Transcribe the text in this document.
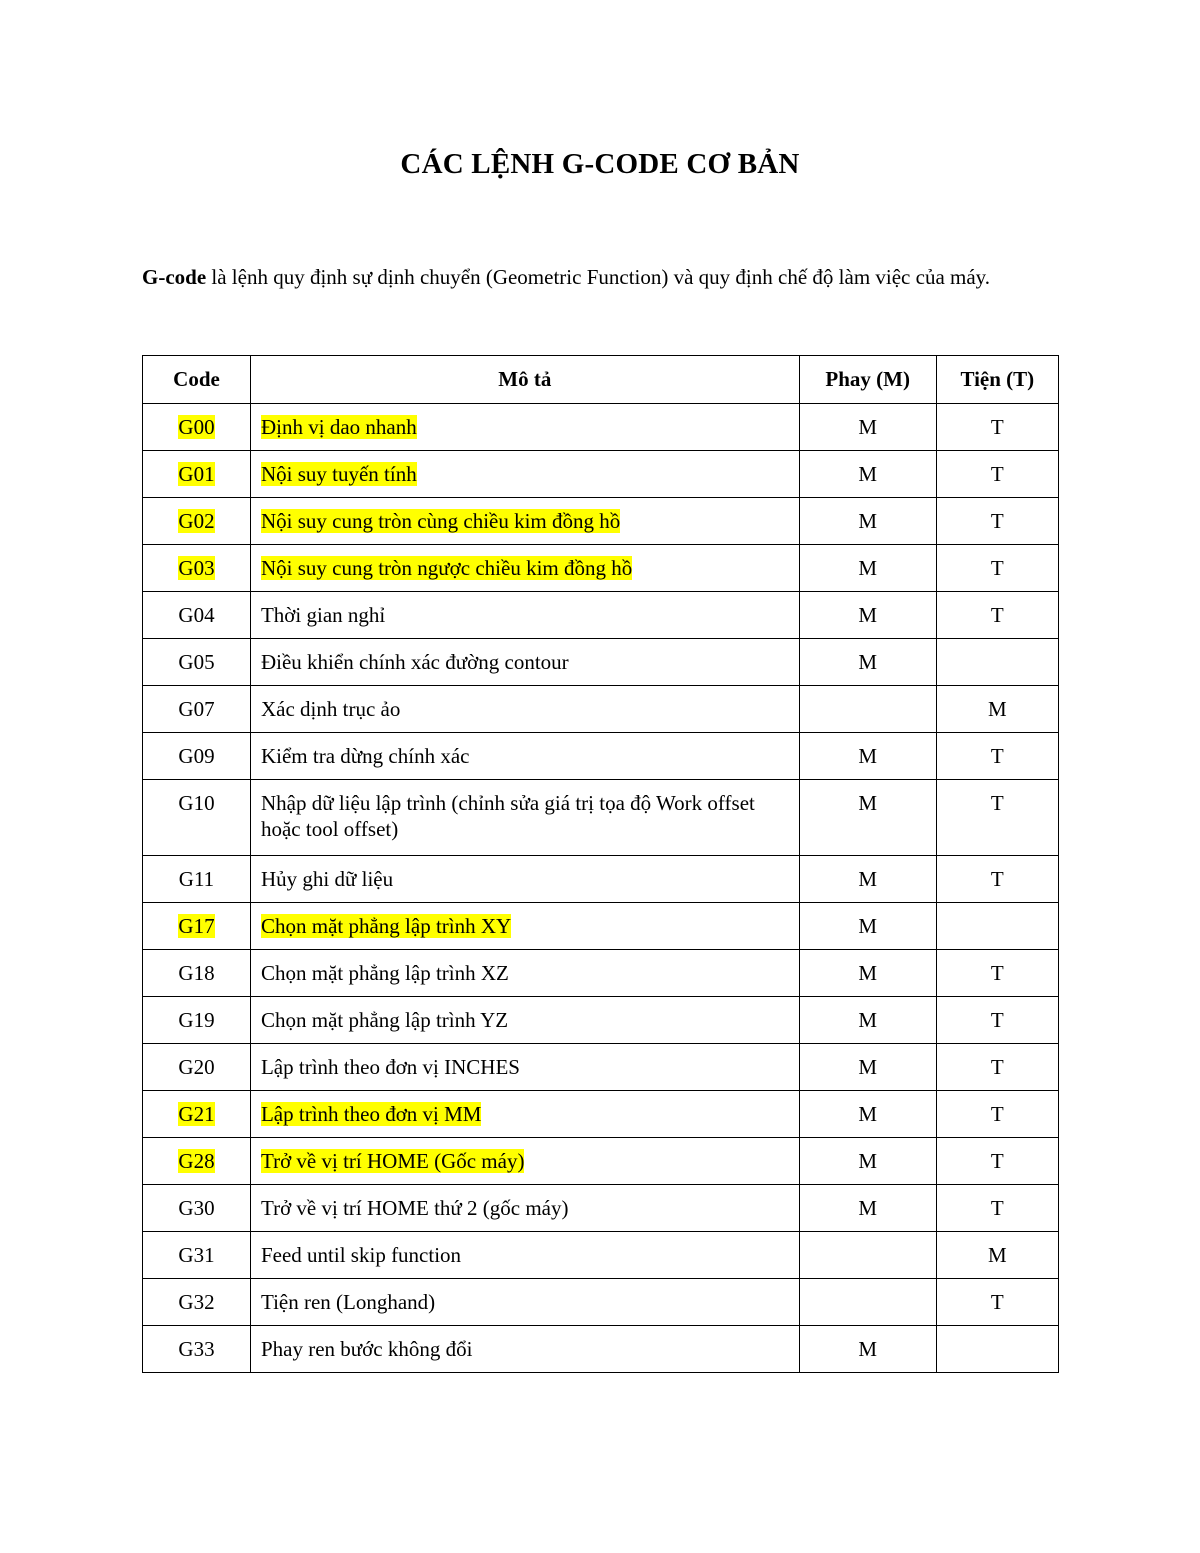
CÁC LỆNH G-CODE CƠ BẢN
G-code là lệnh quy định sự dịnh chuyển (Geometric Function) và quy định chế độ làm việc của máy.
Code	Mô tả	Phay (M)	Tiện (T)
G00	Định vị dao nhanh	M	T
G01	Nội suy tuyến tính	M	T
G02	Nội suy cung tròn cùng chiều kim đồng hồ	M	T
G03	Nội suy cung tròn ngược chiều kim đồng hồ	M	T
G04	Thời gian nghỉ	M	T
G05	Điều khiển chính xác đường contour	M	
G07	Xác dịnh trục ảo		M
G09	Kiểm tra dừng chính xác	M	T
G10	Nhập dữ liệu lập trình (chỉnh sửa giá trị tọa độ Work offset hoặc tool offset)	M	T
G11	Hủy ghi dữ liệu	M	T
G17	Chọn mặt phẳng lập trình XY	M	
G18	Chọn mặt phẳng lập trình XZ	M	T
G19	Chọn mặt phẳng lập trình YZ	M	T
G20	Lập trình theo đơn vị INCHES	M	T
G21	Lập trình theo đơn vị MM	M	T
G28	Trở về vị trí HOME (Gốc máy)	M	T
G30	Trở về vị trí HOME thứ 2 (gốc máy)	M	T
G31	Feed until skip function		M
G32	Tiện ren (Longhand)		T
G33	Phay ren bước không đổi	M	
